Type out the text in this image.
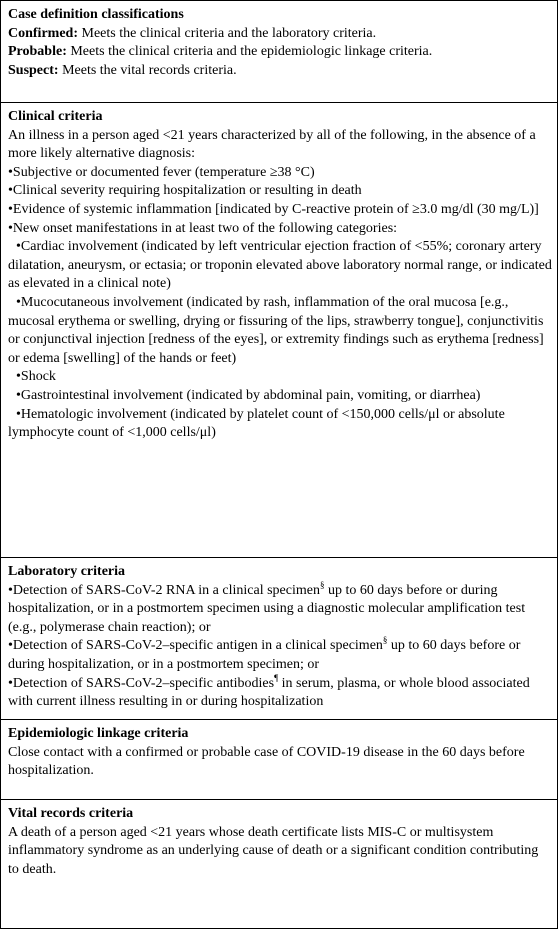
Case definition classifications
Confirmed: Meets the clinical criteria and the laboratory criteria.
Probable: Meets the clinical criteria and the epidemiologic linkage criteria.
Suspect: Meets the vital records criteria.
Clinical criteria
An illness in a person aged <21 years characterized by all of the following, in the absence of a more likely alternative diagnosis:
•Subjective or documented fever (temperature ≥38 °C)
•Clinical severity requiring hospitalization or resulting in death
•Evidence of systemic inflammation [indicated by C-reactive protein of ≥3.0 mg/dl (30 mg/L)]
•New onset manifestations in at least two of the following categories:
•Cardiac involvement (indicated by left ventricular ejection fraction of <55%; coronary artery dilatation, aneurysm, or ectasia; or troponin elevated above laboratory normal range, or indicated as elevated in a clinical note)
•Mucocutaneous involvement (indicated by rash, inflammation of the oral mucosa [e.g., mucosal erythema or swelling, drying or fissuring of the lips, strawberry tongue], conjunctivitis or conjunctival injection [redness of the eyes], or extremity findings such as erythema [redness] or edema [swelling] of the hands or feet)
•Shock
•Gastrointestinal involvement (indicated by abdominal pain, vomiting, or diarrhea)
•Hematologic involvement (indicated by platelet count of <150,000 cells/μl or absolute lymphocyte count of <1,000 cells/μl)
Laboratory criteria
•Detection of SARS-CoV-2 RNA in a clinical specimen§ up to 60 days before or during hospitalization, or in a postmortem specimen using a diagnostic molecular amplification test (e.g., polymerase chain reaction); or
•Detection of SARS-CoV-2–specific antigen in a clinical specimen§ up to 60 days before or during hospitalization, or in a postmortem specimen; or
•Detection of SARS-CoV-2–specific antibodies¶ in serum, plasma, or whole blood associated with current illness resulting in or during hospitalization
Epidemiologic linkage criteria
Close contact with a confirmed or probable case of COVID-19 disease in the 60 days before hospitalization.
Vital records criteria
A death of a person aged <21 years whose death certificate lists MIS-C or multisystem inflammatory syndrome as an underlying cause of death or a significant condition contributing to death.
